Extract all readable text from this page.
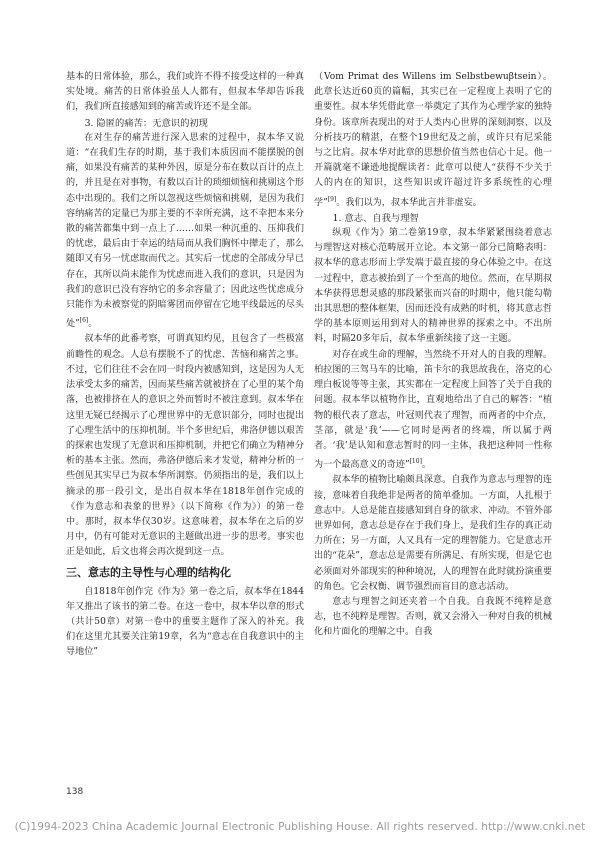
基本的日常体验，那么，我们或许不得不接受这样的一种真实处境。痛苦的日常体验虽人人都有，但叔本华却告诉我们，我们所直接感知到的痛苦或许还不是全部。

3. 隐匿的痛苦：无意识的初现

在对生存的痛苦进行深入思索的过程中，叔本华又说道：“在我们生存的时期，基于我们本质因而不能摆脱的创痛，如果没有痛苦的某种外因，原是分布在数以百计的点上的，并且是在对事物，有数以百计的琐细烦恼和挑剔这个形态中出现的。我们之所以忽视这些烦恼和挑剔，是因为我们容纳痛苦的定量已为那主要的不幸所充满，这不幸把本来分散的痛苦都集中到一点上了……如果一种沉重的、压抑我们的忧虑，最后由于幸运的结局而从我们胸怀中撵走了，那么随即又有另一忧虑取而代之。其实后一忧虑的全部成分早已存在，其所以尚未能作为忧虑而进入我们的意识，只是因为我们的意识已没有容纳它的多余容量了；因此这些忧虑成分只能作为未被察觉的阴暗雾团而停留在它地平线最远的尽头处”[6]。

叔本华的此番考察，可谓真知灼见，且包含了一些极富前瞻性的观念。人总有摆脱不了的忧虑、苦恼和痛苦之事。不过，它们往往不会在同一时段内被感知到，这是因为人无法承受太多的痛苦，因而某些痛苦就被挤在了心里的某个角落，也被排挤在人的意识之外而暂时不被注意到。叔本华在这里无疑已经揭示了心理世界中的无意识部分，同时也提出了心理生活中的压抑机制。半个多世纪后，弗洛伊德以艰苦的探索也发现了无意识和压抑机制，并把它们确立为精神分析的基本主张。然而，弗洛伊德后来才发觉，精神分析的一些创见其实早已为叔本华所洞察。仍须指出的是，我们以上摘录的那一段引文，是出自叔本华在1818年创作完成的《作为意志和表象的世界》（以下简称《作为》）的第一卷中。那时，叔本华仅30岁。这意味着，叔本华在之后的岁月中，仍有可能对无意识的主题做出进一步的思考。事实也正是如此，后文也将会再次提到这一点。

三、意志的主导性与心理的结构化

自1818年创作完《作为》第一卷之后，叔本华在1844年又推出了该书的第二卷。在这一卷中，叔本华以章的形式（共计50章）对第一卷中的重要主题作了深入的补充。我们在这里尤其要关注第19章，名为“意志在自我意识中的主导地位”

（Vom Primat des Willens im Selbstbewuβtsein）。此章长达近60页的篇幅，其实已在一定程度上表明了它的重要性。叔本华凭借此章一举奠定了其作为心理学家的独特身份。该章所表现出的对于人类内心世界的深刻洞察、以及分析技巧的精湛，在整个19世纪及之前，或许只有尼采能与之比肩。叔本华对此章的思想价值当然也信心十足。他一开篇就毫不谦逊地提醒读者：此章可以使人“获得不少关于人的内在的知识，这些知识或许超过许多系统性的心理学”[9]。我们以为，叔本华此言并非虚妄。

1. 意志、自我与理智

纵观《作为》第二卷第19章，叔本华紧紧围绕着意志与理智这对核心范畴展开立论。本文第一部分已简略表明：叔本华的意志形而上学发端于最直接的身心体验之中。在这一过程中，意志被抬到了一个至高的地位。然而，在早期叔本华获得思想灵感的那段紧张而兴奋的时期中，他只能勾勒出其思想的整体框架，因而还没有成熟的时机，将其意志哲学的基本原则运用到对人的精神世界的探索之中。不出所料，时隔20多年后，叔本华重新续接了这一主题。

对存在或生命的理解，当然绕不开对人的自我的理解。柏拉图的三驾马车的比喻，笛卡尔的我思故我在，洛克的心理白板说等等主张，其实都在一定程度上回答了关于自我的问题。叔本华以植物作比，直观地给出了自己的解答：“植物的根代表了意志，叶冠则代表了理智，而两者的中介点，茎部，就是‘我’——它同时是两者的终端，所以属于两者。‘我’是认知和意志暂时的同一主体，我把这种同一性称为一个最高意义的奇迹”[10]。

叔本华的植物比喻颇具深意。自我作为意志与理智的连接，意味着自我绝非是两者的简单叠加。一方面，人扎根于意志中。人总是能直接感知到自身的欲求、冲动。不管外部世界如何，意志总是存在于我们身上，是我们生存的真正动力所在；另一方面，人又具有一定的理智能力。它是意志开出的“花朵”，意志总是需要有所满足、有所实现，但是它也必须面对外部现实的种种境况，人的理智在此时就扮演重要的角色。它会权衡、调节强烈而盲目的意志活动。

意志与理智之间还夹着一个自我。自我既不纯粹是意志，也不纯粹是理智。否则，就又会滑入一种对自我的机械化和片面化的理解之中。自我

138
(C)1994-2023 China Academic Journal Electronic Publishing House. All rights reserved. http://www.cnki.net
